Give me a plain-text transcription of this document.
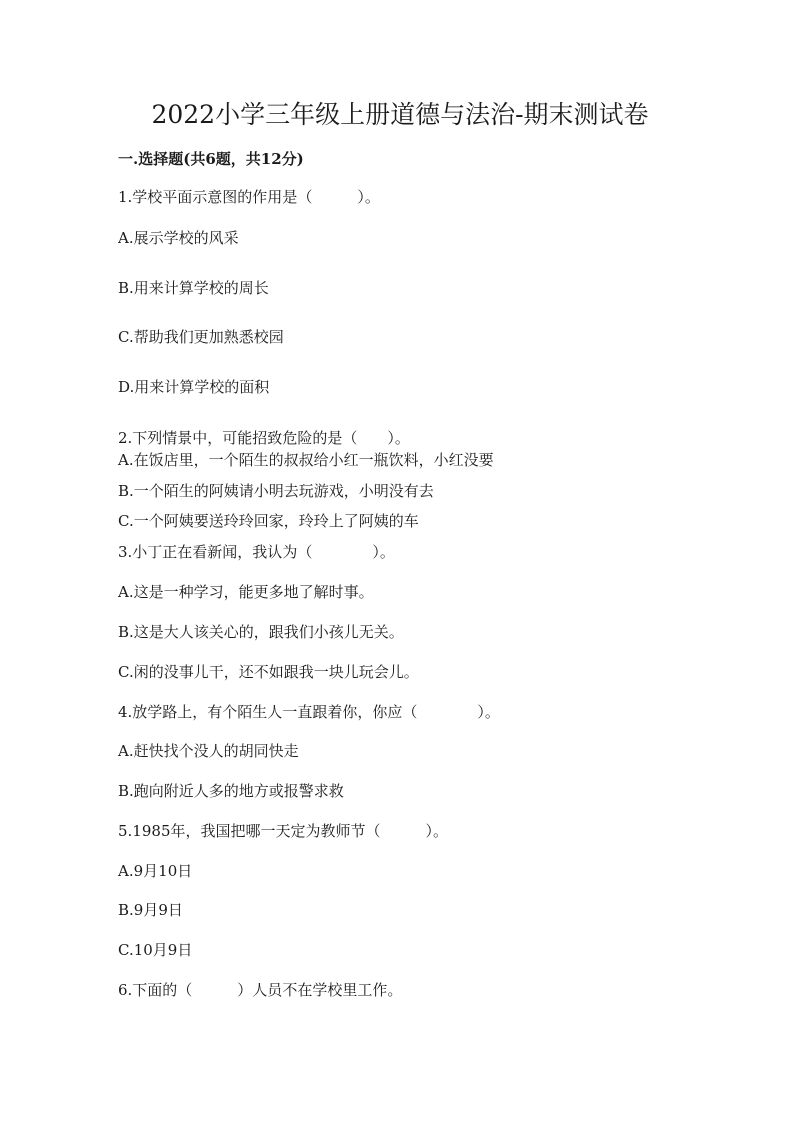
2022小学三年级上册道德与法治-期末测试卷
一.选择题(共6题，共12分)
1.学校平面示意图的作用是（　　　）。
A.展示学校的风采
B.用来计算学校的周长
C.帮助我们更加熟悉校园
D.用来计算学校的面积
2.下列情景中，可能招致危险的是（　　）。
A.在饭店里，一个陌生的叔叔给小红一瓶饮料，小红没要
B.一个陌生的阿姨请小明去玩游戏，小明没有去
C.一个阿姨要送玲玲回家，玲玲上了阿姨的车
3.小丁正在看新闻，我认为（　　　　）。
A.这是一种学习，能更多地了解时事。
B.这是大人该关心的，跟我们小孩儿无关。
C.闲的没事儿干，还不如跟我一块儿玩会儿。
4.放学路上，有个陌生人一直跟着你，你应（　　　　）。
A.赶快找个没人的胡同快走
B.跑向附近人多的地方或报警求救
5.1985年，我国把哪一天定为教师节（　　　）。
A.9月10日
B.9月9日
C.10月9日
6.下面的（　　　）人员不在学校里工作。
